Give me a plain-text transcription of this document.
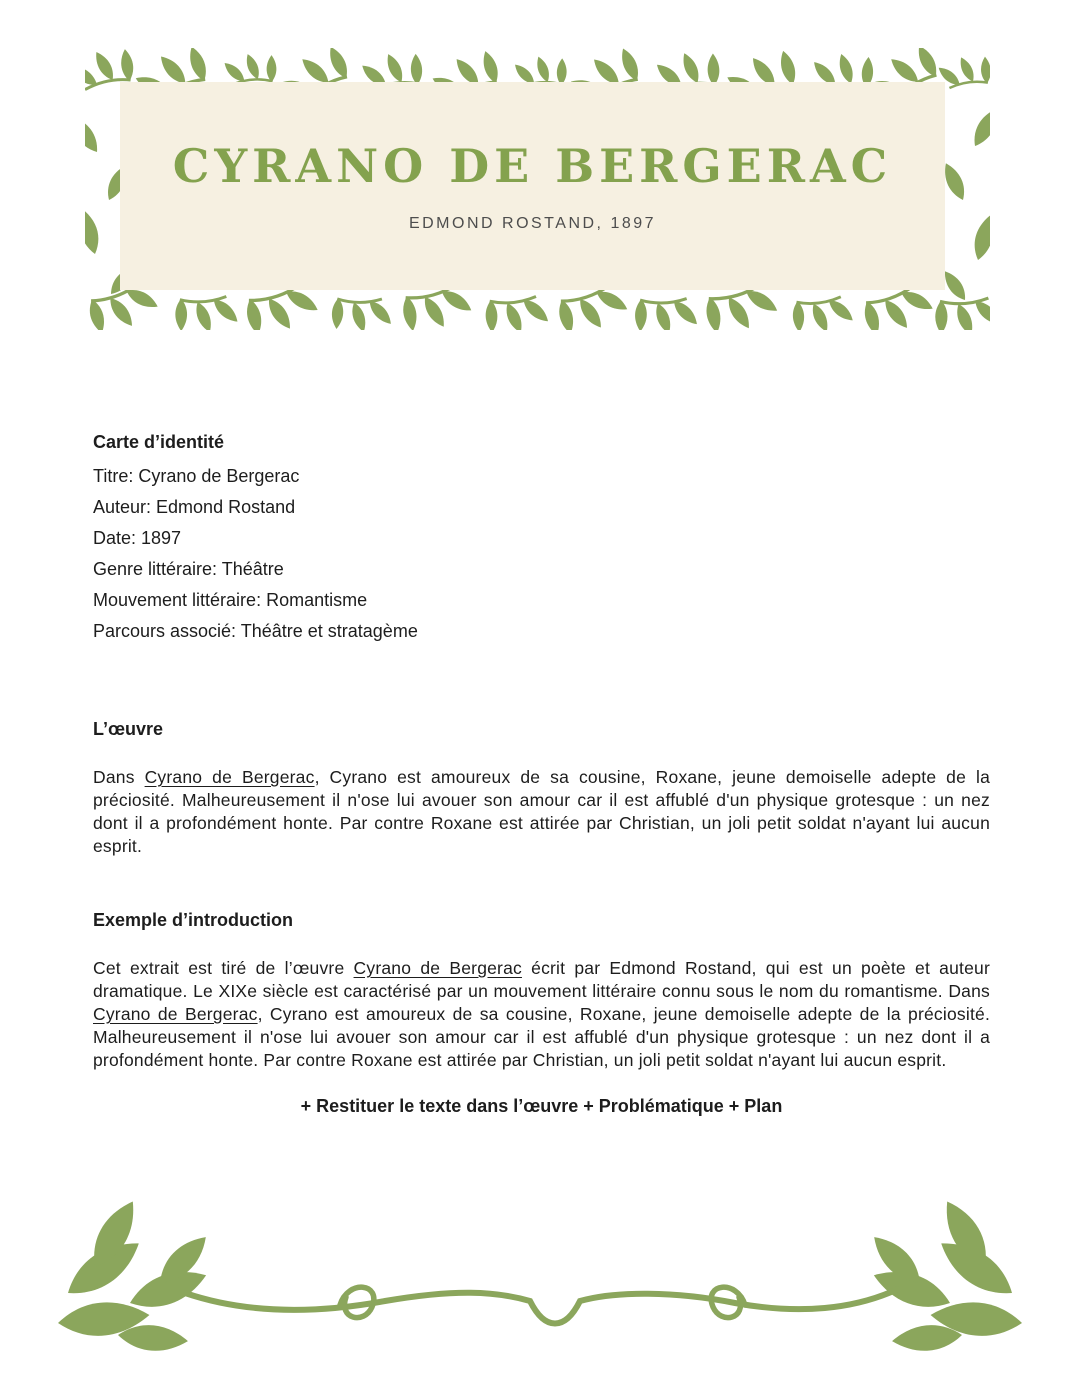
CYRANO DE BERGERAC
EDMOND ROSTAND, 1897
Carte d’identité
Titre: Cyrano de Bergerac
Auteur: Edmond Rostand
Date: 1897
Genre littéraire: Théâtre
Mouvement littéraire: Romantisme
Parcours associé: Théâtre et stratagème
L’œuvre

Dans Cyrano de Bergerac, Cyrano est amoureux de sa cousine, Roxane, jeune demoiselle adepte de la préciosité. Malheureusement il n'ose lui avouer son amour car il est affublé d'un physique grotesque : un nez dont il a profondément honte. Par contre Roxane est attirée par Christian, un joli petit soldat n'ayant lui aucun esprit.

Exemple d’introduction

Cet extrait est tiré de l’œuvre Cyrano de Bergerac écrit par Edmond Rostand, qui est un poète et auteur dramatique. Le XIXe siècle est caractérisé par un mouvement littéraire connu sous le nom du romantisme. Dans Cyrano de Bergerac, Cyrano est amoureux de sa cousine, Roxane, jeune demoiselle adepte de la préciosité. Malheureusement il n'ose lui avouer son amour car il est affublé d'un physique grotesque : un nez dont il a profondément honte. Par contre Roxane est attirée par Christian, un joli petit soldat n'ayant lui aucun esprit.

+ Restituer le texte dans l’œuvre + Problématique + Plan
